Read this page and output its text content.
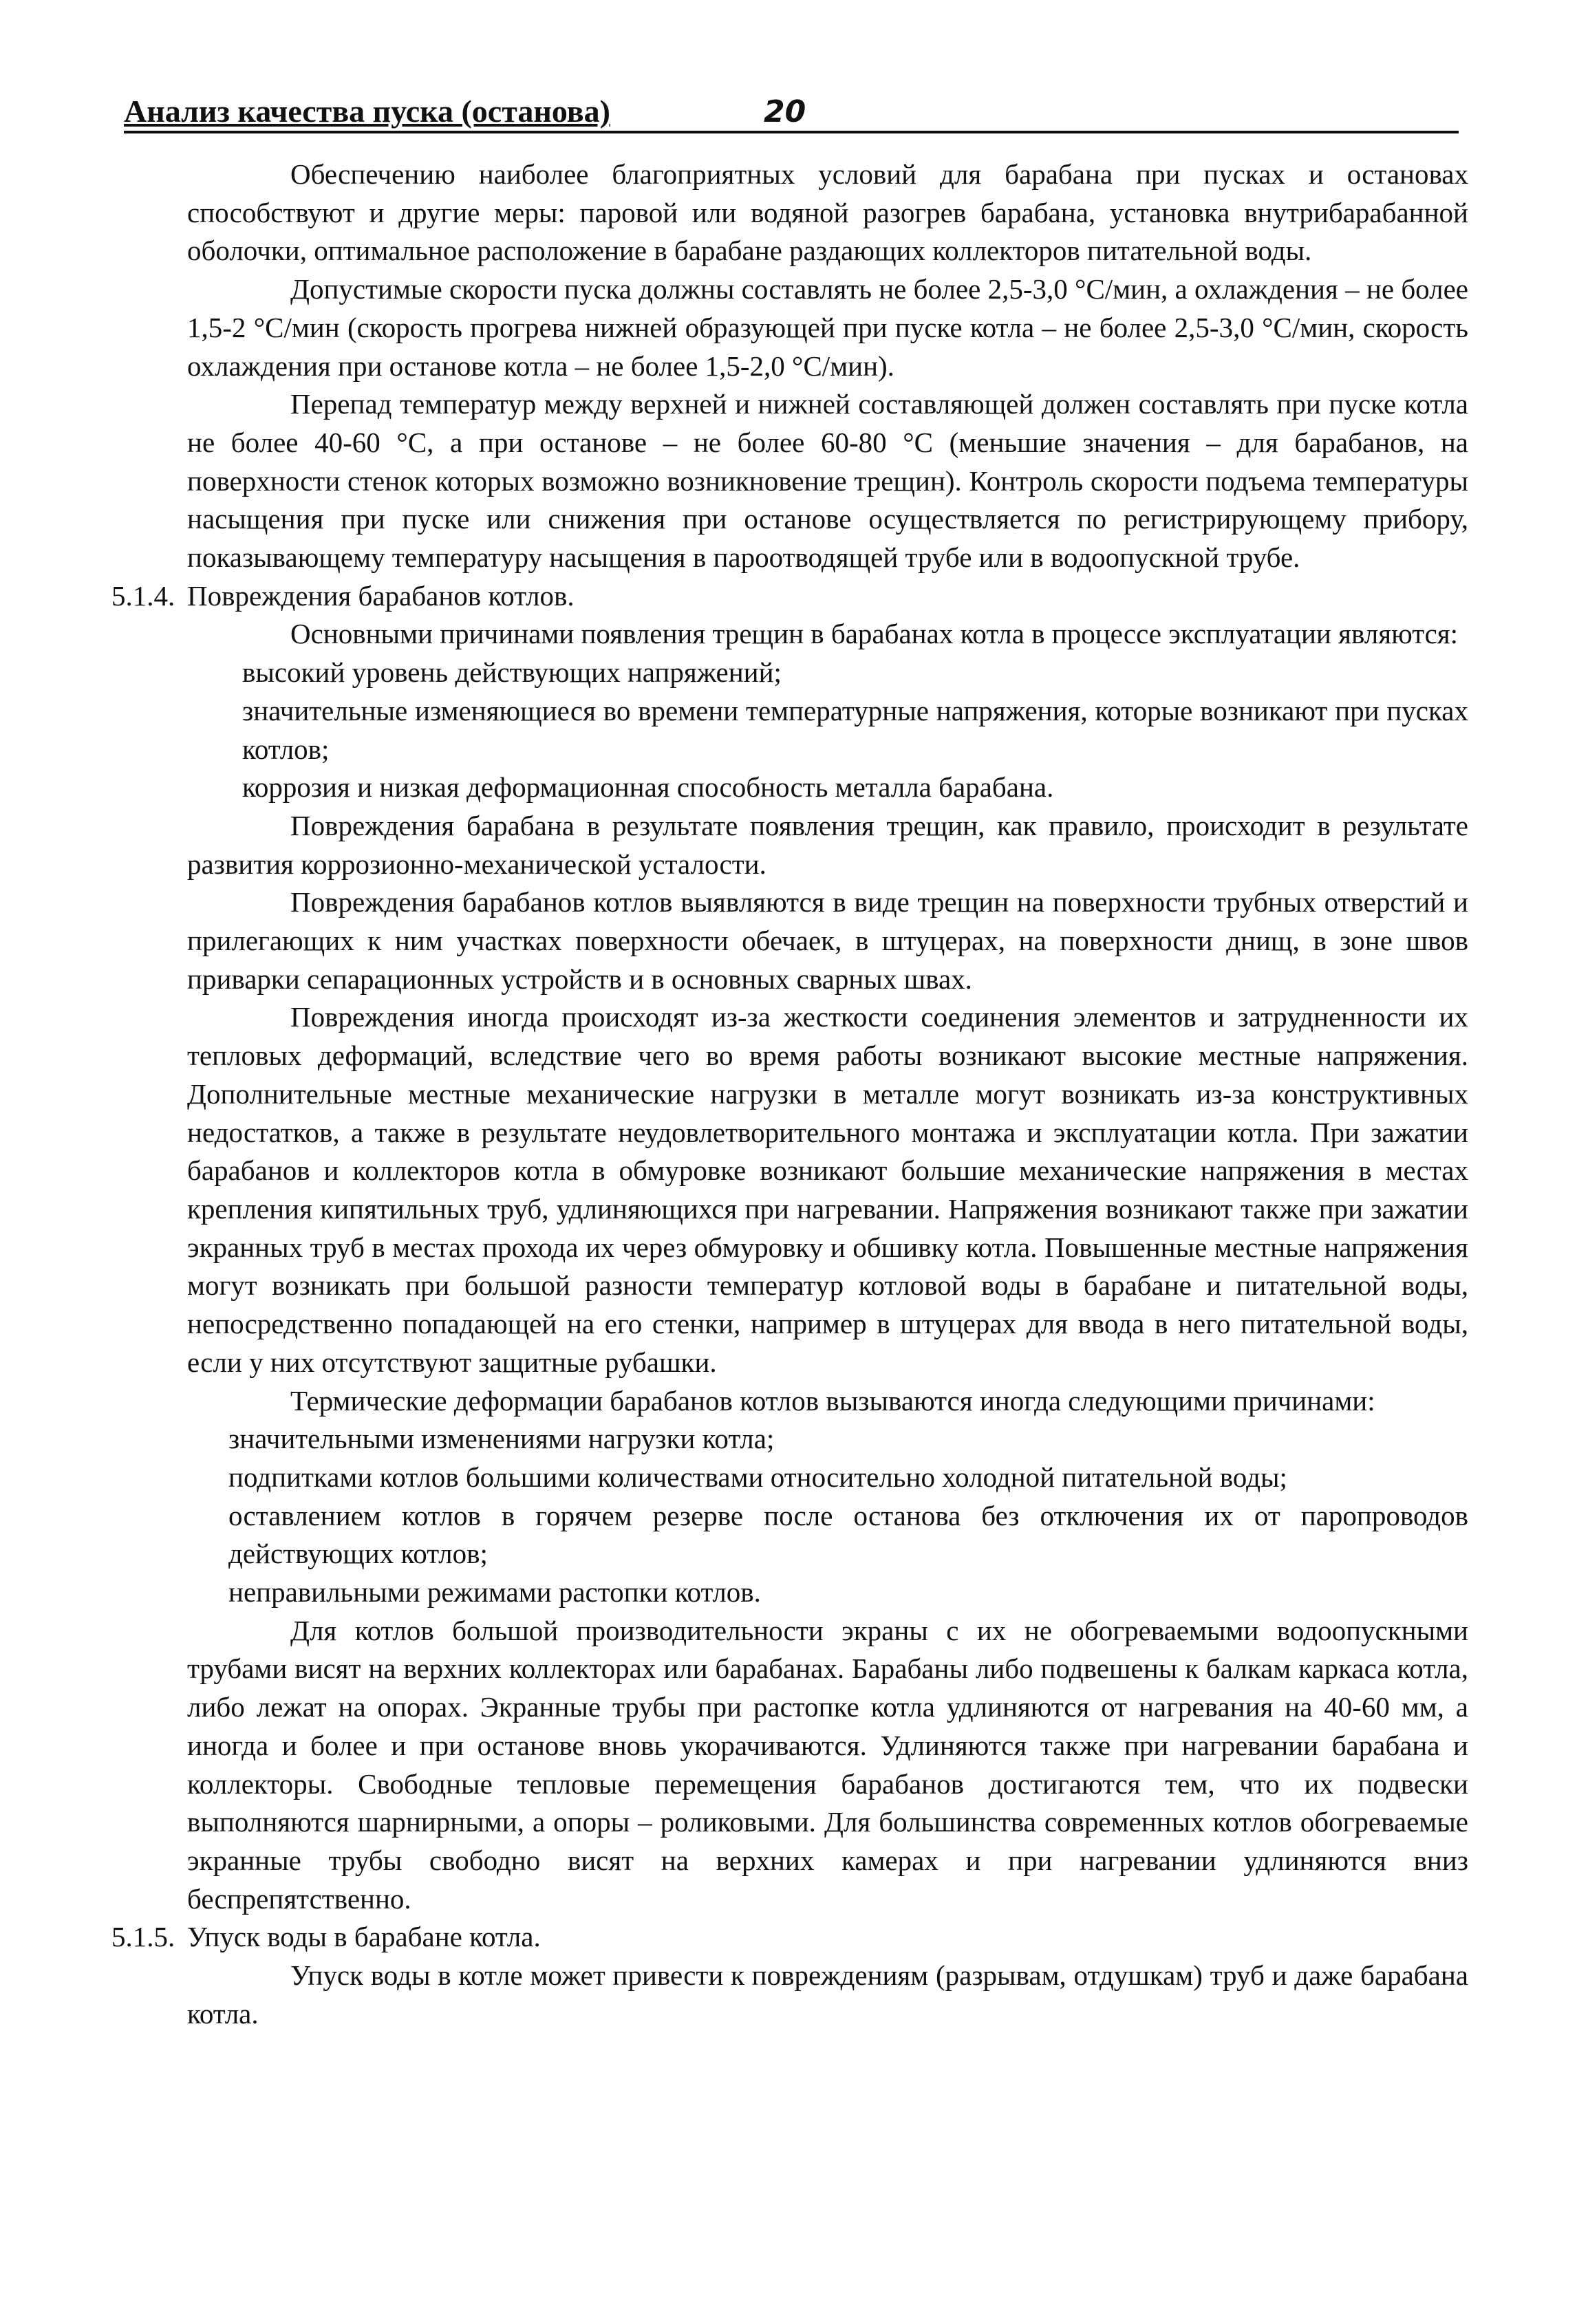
Анализ качества пуска (останова)	20

Обеспечению наиболее благоприятных условий для барабана при пусках и остановах способствуют и другие меры: паровой или водяной разогрев барабана, установка внутрибарабанной оболочки, оптимальное расположение в барабане раздающих коллекторов питательной воды.

Допустимые скорости пуска должны составлять не более 2,5-3,0 °С/мин, а охлаждения – не более 1,5-2 °С/мин (скорость прогрева нижней образующей при пуске котла – не более 2,5-3,0 °С/мин, скорость охлаждения при останове котла – не более 1,5-2,0 °С/мин).

Перепад температур между верхней и нижней составляющей должен составлять при пуске котла не более 40-60 °С, а при останове – не более 60-80 °С (меньшие значения – для барабанов, на поверхности стенок которых возможно возникновение трещин). Контроль скорости подъема температуры насыщения при пуске или снижения при останове осуществляется по регистрирующему прибору, показывающему температуру насыщения в пароотводящей трубе или в водоопускной трубе.

5.1.4. Повреждения барабанов котлов.

Основными причинами появления трещин в барабанах котла в процессе эксплуатации являются:

высокий уровень действующих напряжений;

значительные изменяющиеся во времени температурные напряжения, которые возникают при пусках котлов;

коррозия и низкая деформационная способность металла барабана.

Повреждения барабана в результате появления трещин, как правило, происходит в результате развития коррозионно-механической усталости.

Повреждения барабанов котлов выявляются в виде трещин на поверхности трубных отверстий и прилегающих к ним участках поверхности обечаек, в штуцерах, на поверхности днищ, в зоне швов приварки сепарационных устройств и в основных сварных швах.

Повреждения иногда происходят из-за жесткости соединения элементов и затрудненности их тепловых деформаций, вследствие чего во время работы возникают высокие местные напряжения. Дополнительные местные механические нагрузки в металле могут возникать из-за конструктивных недостатков, а также в результате неудовлетворительного монтажа и эксплуатации котла. При зажатии барабанов и коллекторов котла в обмуровке возникают большие механические напряжения в местах крепления кипятильных труб, удлиняющихся при нагревании. Напряжения возникают также при зажатии экранных труб в местах прохода их через обмуровку и обшивку котла. Повышенные местные напряжения могут возникать при большой разности температур котловой воды в барабане и питательной воды, непосредственно попадающей на его стенки, например в штуцерах для ввода в него питательной воды, если у них отсутствуют защитные рубашки.

Термические деформации барабанов котлов вызываются иногда следующими причинами:

значительными изменениями нагрузки котла;

подпитками котлов большими количествами относительно холодной питательной воды;

оставлением котлов в горячем резерве после останова без отключения их от паропроводов действующих котлов;

неправильными режимами растопки котлов.

Для котлов большой производительности экраны с их не обогреваемыми водоопускными трубами висят на верхних коллекторах или барабанах. Барабаны либо подвешены к балкам каркаса котла, либо лежат на опорах. Экранные трубы при растопке котла удлиняются от нагревания на 40-60 мм, а иногда и более и при останове вновь укорачиваются. Удлиняются также при нагревании барабана и коллекторы. Свободные тепловые перемещения барабанов достигаются тем, что их подвески выполняются шарнирными, а опоры – роликовыми. Для большинства современных котлов обогреваемые экранные трубы свободно висят на верхних камерах и при нагревании удлиняются вниз беспрепятственно.

5.1.5. Упуск воды в барабане котла.

Упуск воды в котле может привести к повреждениям (разрывам, отдушкам) труб и даже барабана котла.
